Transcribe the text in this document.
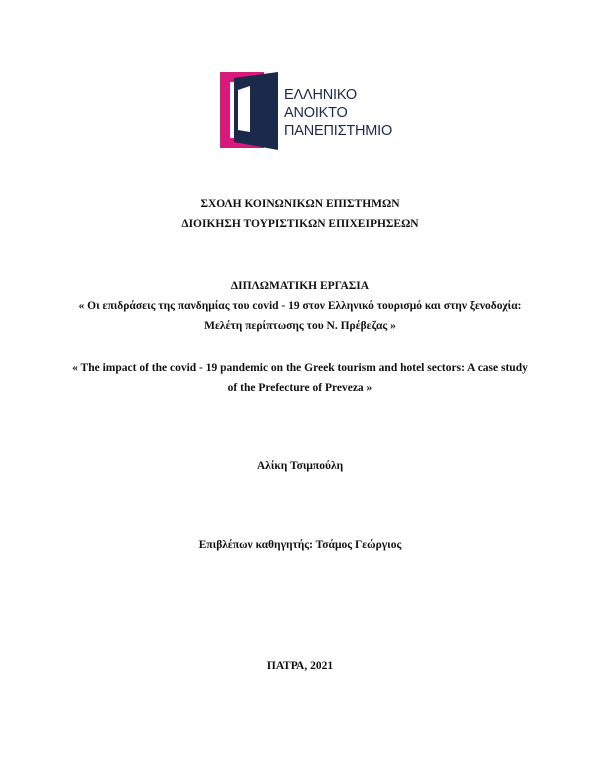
ΕΛΛΗΝΙΚΟ
ΑΝΟΙΚΤΟ
ΠΑΝΕΠΙΣΤΗΜΙΟ
ΣΧΟΛΗ ΚΟΙΝΩΝΙΚΩΝ ΕΠΙΣΤΗΜΩΝ
ΔΙΟΙΚΗΣΗ ΤΟΥΡΙΣΤΙΚΩΝ ΕΠΙΧΕΙΡΗΣΕΩΝ
ΔΙΠΛΩΜΑΤΙΚΗ ΕΡΓΑΣΙΑ
« Οι επιδράσεις της πανδημίας του covid - 19 στον Ελληνικό τουρισμό και στην ξενοδοχία:
Μελέτη περίπτωσης του Ν. Πρέβεζας »
« The impact of the covid - 19 pandemic on the Greek tourism and hotel sectors: A case study
of the Prefecture of Preveza »
Αλίκη Τσιμπούλη
Επιβλέπων καθηγητής: Τσάμος Γεώργιος
ΠΑΤΡΑ, 2021
